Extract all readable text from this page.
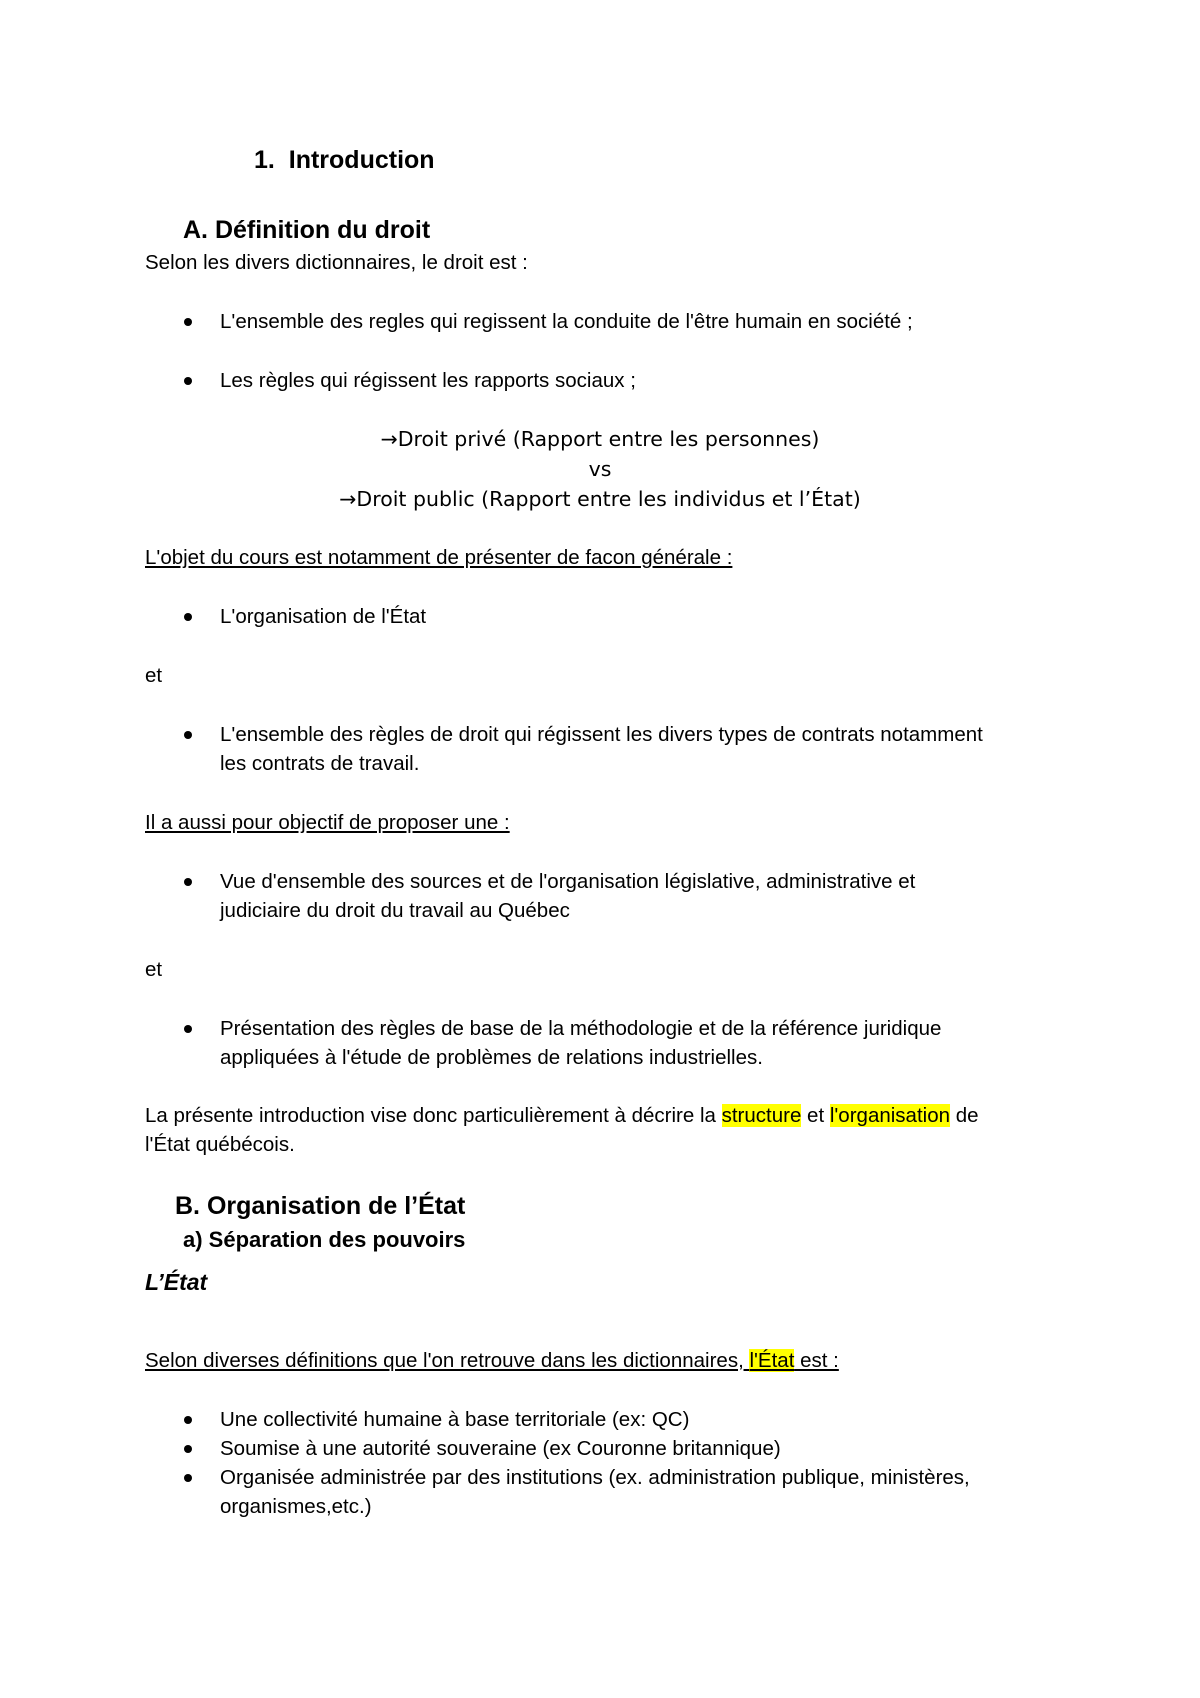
1. Introduction
A. Définition du droit
Selon les divers dictionnaires, le droit est :
L'ensemble des regles qui regissent la conduite de l'être humain en société ;
Les règles qui régissent les rapports sociaux ;
→Droit privé (Rapport entre les personnes)
vs
→Droit public (Rapport entre les individus et l’État)
L'objet du cours est notamment de présenter de facon générale :
L'organisation de l'État
et
L'ensemble des règles de droit qui régissent les divers types de contrats notamment
les contrats de travail.
Il a aussi pour objectif de proposer une :
Vue d'ensemble des sources et de l'organisation législative, administrative et
judiciaire du droit du travail au Québec
et
Présentation des règles de base de la méthodologie et de la référence juridique
appliquées à l'étude de problèmes de relations industrielles.
La présente introduction vise donc particulièrement à décrire la structure et l'organisation de
l'État québécois.
B. Organisation de l’État
a) Séparation des pouvoirs
L’État
Selon diverses définitions que l'on retrouve dans les dictionnaires, l'État est :
Une collectivité humaine à base territoriale (ex: QC)
Soumise à une autorité souveraine (ex Couronne britannique)
Organisée administrée par des institutions (ex. administration publique, ministères,
organismes,etc.)
